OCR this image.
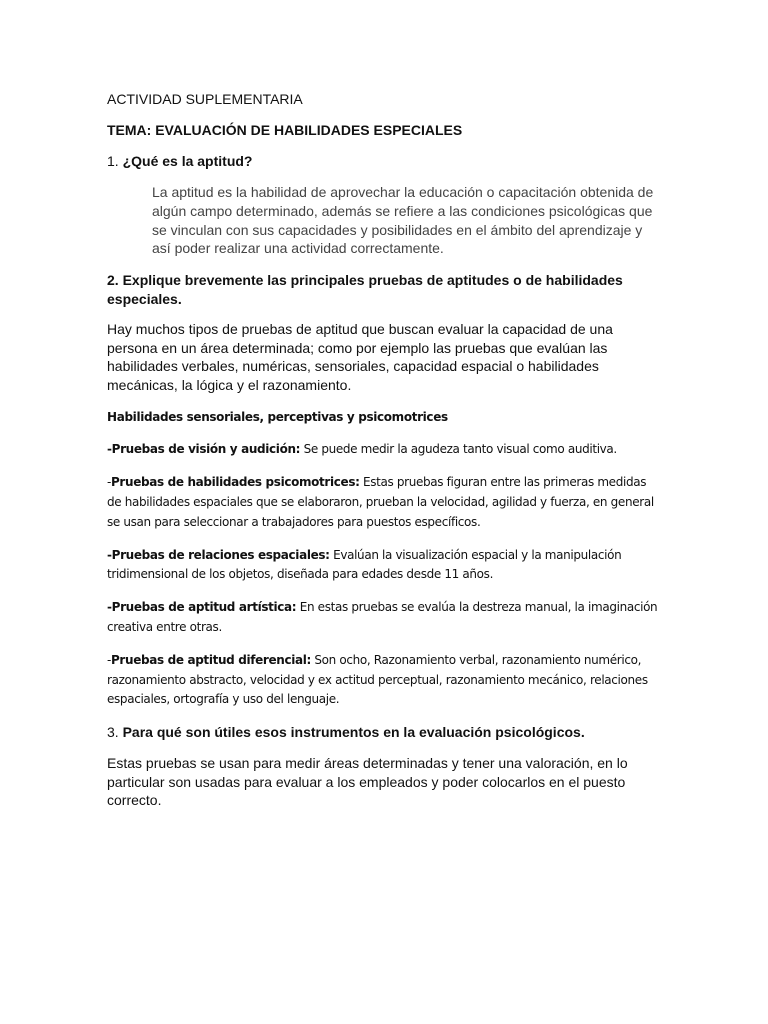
ACTIVIDAD SUPLEMENTARIA

TEMA: EVALUACIÓN DE HABILIDADES ESPECIALES

1. ¿Qué es la aptitud?

La aptitud es la habilidad de aprovechar la educación o capacitación obtenida de algún campo determinado, además se refiere a las condiciones psicológicas que se vinculan con sus capacidades y posibilidades en el ámbito del aprendizaje y así poder realizar una actividad correctamente.

2. Explique brevemente las principales pruebas de aptitudes o de habilidades especiales.

Hay muchos tipos de pruebas de aptitud que buscan evaluar la capacidad de una persona en un área determinada; como por ejemplo las pruebas que evalúan las habilidades verbales, numéricas, sensoriales, capacidad espacial o habilidades mecánicas, la lógica y el razonamiento.

Habilidades sensoriales, perceptivas y psicomotrices

-Pruebas de visión y audición: Se puede medir la agudeza tanto visual como auditiva.

-Pruebas de habilidades psicomotrices: Estas pruebas figuran entre las primeras medidas de habilidades espaciales que se elaboraron, prueban la velocidad, agilidad y fuerza, en general se usan para seleccionar a trabajadores para puestos específicos.

-Pruebas de relaciones espaciales: Evalúan la visualización espacial y la manipulación tridimensional de los objetos, diseñada para edades desde 11 años.

-Pruebas de aptitud artística: En estas pruebas se evalúa la destreza manual, la imaginación creativa entre otras.

-Pruebas de aptitud diferencial: Son ocho, Razonamiento verbal, razonamiento numérico, razonamiento abstracto, velocidad y ex actitud perceptual, razonamiento mecánico, relaciones espaciales, ortografía y uso del lenguaje.

3. Para qué son útiles esos instrumentos en la evaluación psicológicos.

Estas pruebas se usan para medir áreas determinadas y tener una valoración, en lo particular son usadas para evaluar a los empleados y poder colocarlos en el puesto correcto.
